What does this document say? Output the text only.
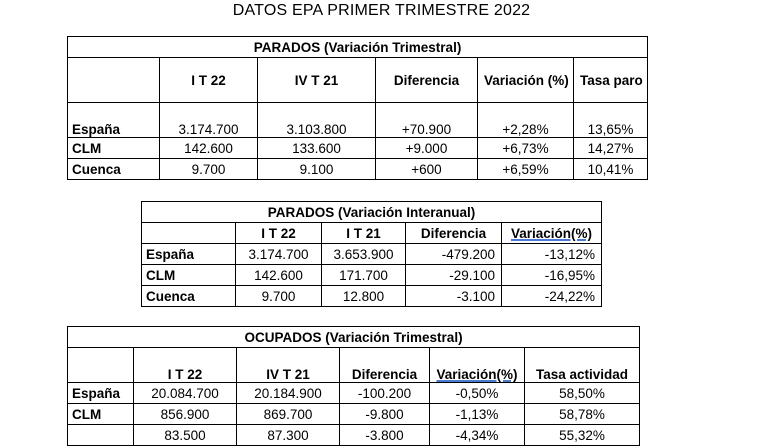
DATOS EPA PRIMER TRIMESTRE 2022
PARADOS (Variación Trimestral)					
	I T 22	IV T 21	Diferencia	Variación (%)	Tasa paro
España	3.174.700	3.103.800	+70.900	+2,28%	13,65%
CLM	142.600	133.600	+9.000	+6,73%	14,27%
Cuenca	9.700	9.100	+600	+6,59%	10,41%
PARADOS (Variación Interanual)				
	I T 22	I T 21	Diferencia	Variación(%)
España	3.174.700	3.653.900	-479.200	-13,12%
CLM	142.600	171.700	-29.100	-16,95%
Cuenca	9.700	12.800	-3.100	-24,22%
OCUPADOS (Variación Trimestral)					
	I T 22	IV T 21	Diferencia	Variación(%)	Tasa actividad
España	20.084.700	20.184.900	-100.200	-0,50%	58,50%
CLM	856.900	869.700	-9.800	-1,13%	58,78%
	83.500	87.300	-3.800	-4,34%	55,32%
